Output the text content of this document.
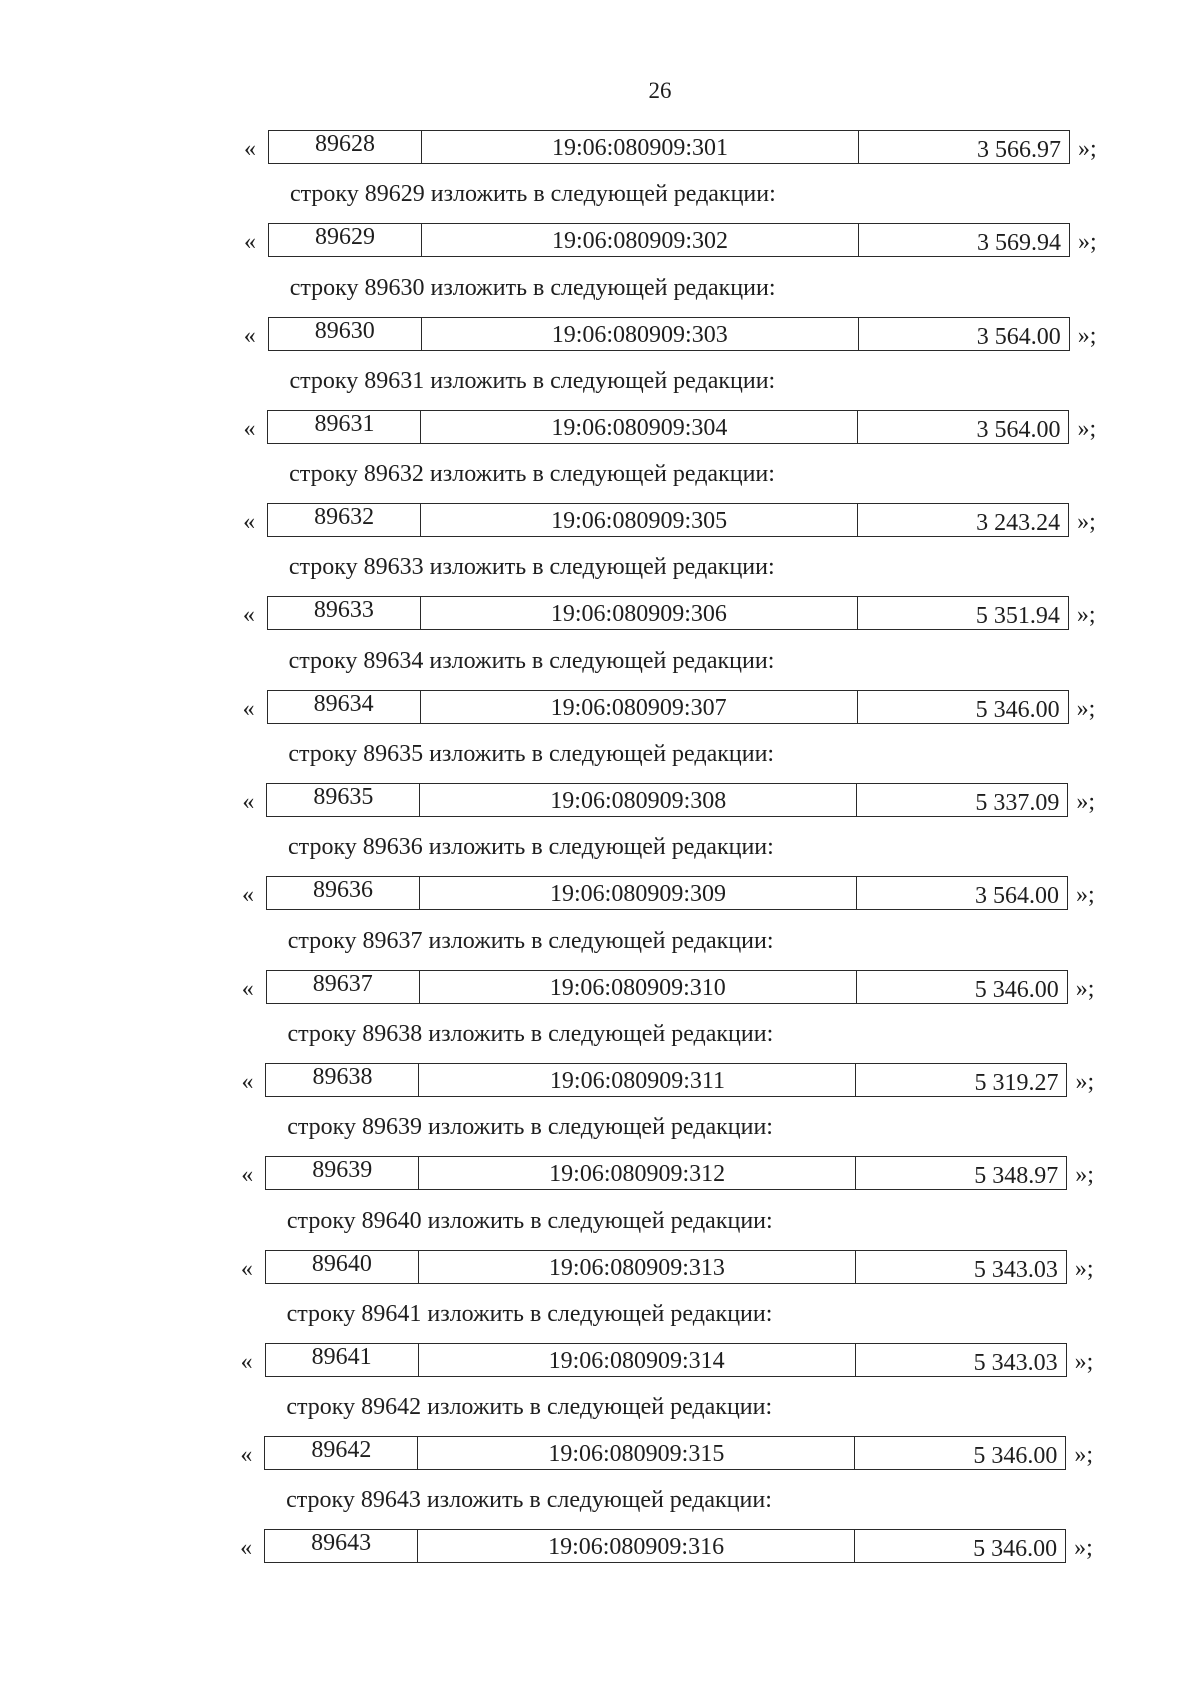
26
«	89628	19:06:080909:301	3 566.97 »;
строку 89629 изложить в следующей редакции:
«	89629	19:06:080909:302	3 569.94 »;
строку 89630 изложить в следующей редакции:
«	89630	19:06:080909:303	3 564.00 »;
строку 89631 изложить в следующей редакции:
«	89631	19:06:080909:304	3 564.00 »;
строку 89632 изложить в следующей редакции:
«	89632	19:06:080909:305	3 243.24 »;
строку 89633 изложить в следующей редакции:
«	89633	19:06:080909:306	5 351.94 »;
строку 89634 изложить в следующей редакции:
«	89634	19:06:080909:307	5 346.00 »;
строку 89635 изложить в следующей редакции:
«	89635	19:06:080909:308	5 337.09 »;
строку 89636 изложить в следующей редакции:
«	89636	19:06:080909:309	3 564.00 »;
строку 89637 изложить в следующей редакции:
«	89637	19:06:080909:310	5 346.00 »;
строку 89638 изложить в следующей редакции:
«	89638	19:06:080909:311	5 319.27 »;
строку 89639 изложить в следующей редакции:
«	89639	19:06:080909:312	5 348.97 »;
строку 89640 изложить в следующей редакции:
«	89640	19:06:080909:313	5 343.03 »;
строку 89641 изложить в следующей редакции:
«	89641	19:06:080909:314	5 343.03 »;
строку 89642 изложить в следующей редакции:
«	89642	19:06:080909:315	5 346.00 »;
строку 89643 изложить в следующей редакции:
«	89643	19:06:080909:316	5 346.00 »;
